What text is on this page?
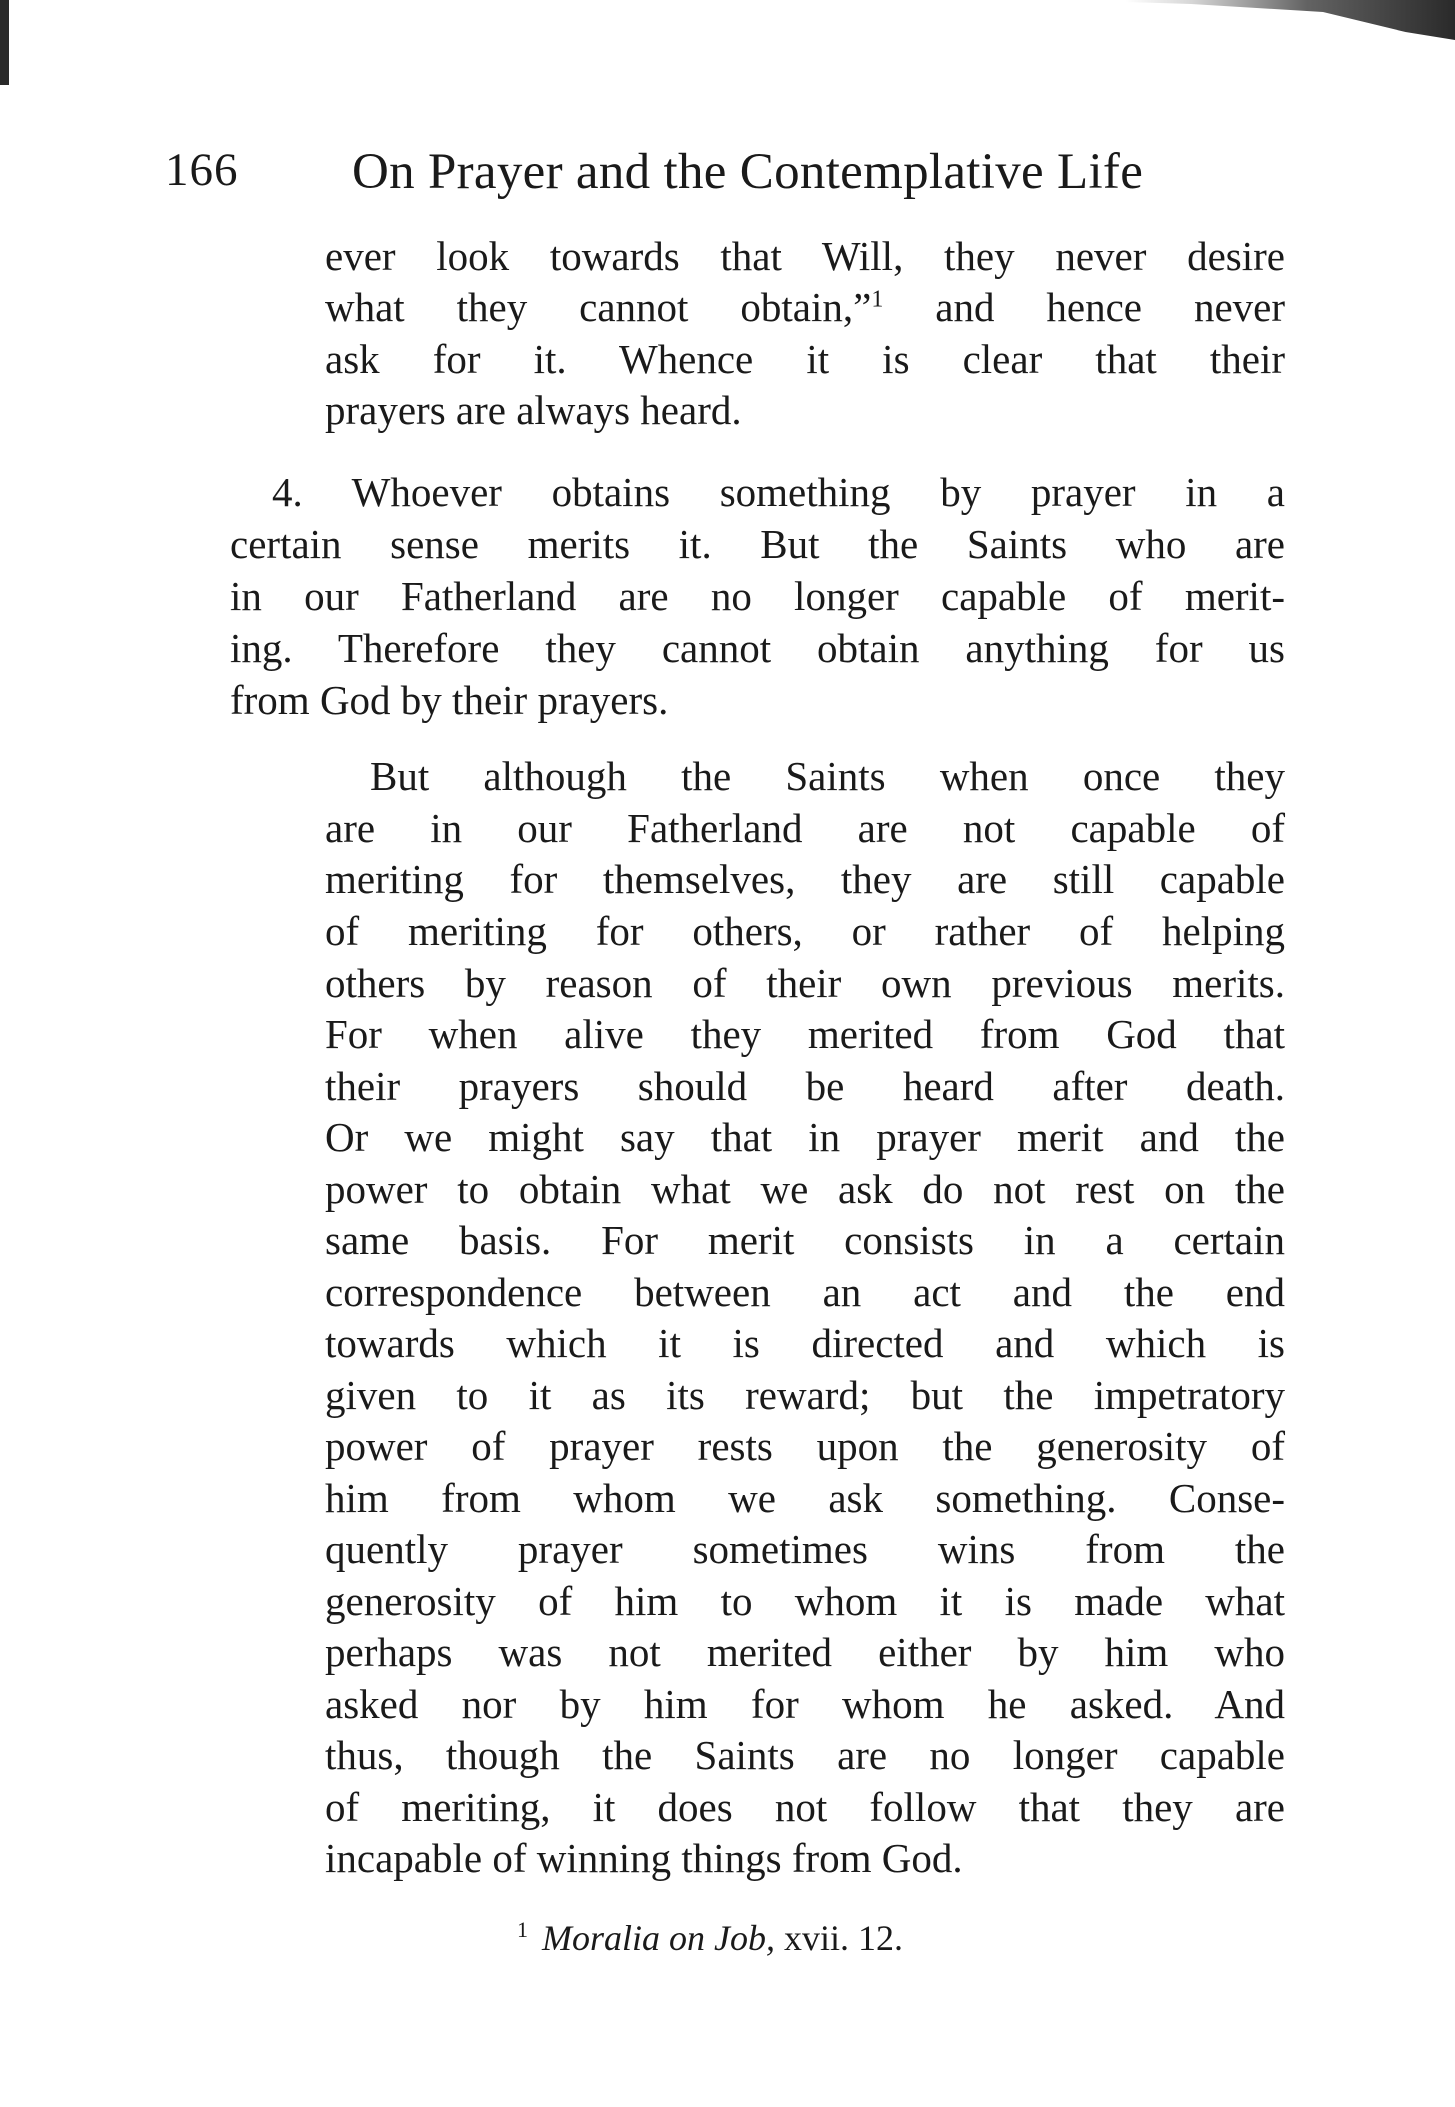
166 On Prayer and the Contemplative Life
ever look towards that Will, they never desire
what they cannot obtain,”$^1$ and hence never
ask for it. Whence it is clear that their
prayers are always heard.
4. Whoever obtains something by prayer in a
certain sense merits it. But the Saints who are
in our Fatherland are no longer capable of merit-
ing. Therefore they cannot obtain anything for us
from God by their prayers.
But although the Saints when once they
are in our Fatherland are not capable of
meriting for themselves, they are still capable
of meriting for others, or rather of helping
others by reason of their own previous merits.
For when alive they merited from God that
their prayers should be heard after death.
Or we might say that in prayer merit and the
power to obtain what we ask do not rest on the
same basis. For merit consists in a certain
correspondence between an act and the end
towards which it is directed and which is
given to it as its reward; but the impetratory
power of prayer rests upon the generosity of
him from whom we ask something. Conse-
quently prayer sometimes wins from the
generosity of him to whom it is made what
perhaps was not merited either by him who
asked nor by him for whom he asked. And
thus, though the Saints are no longer capable
of meriting, it does not follow that they are
incapable of winning things from God.
$^1$ Moralia on Job, xvii. 12.
